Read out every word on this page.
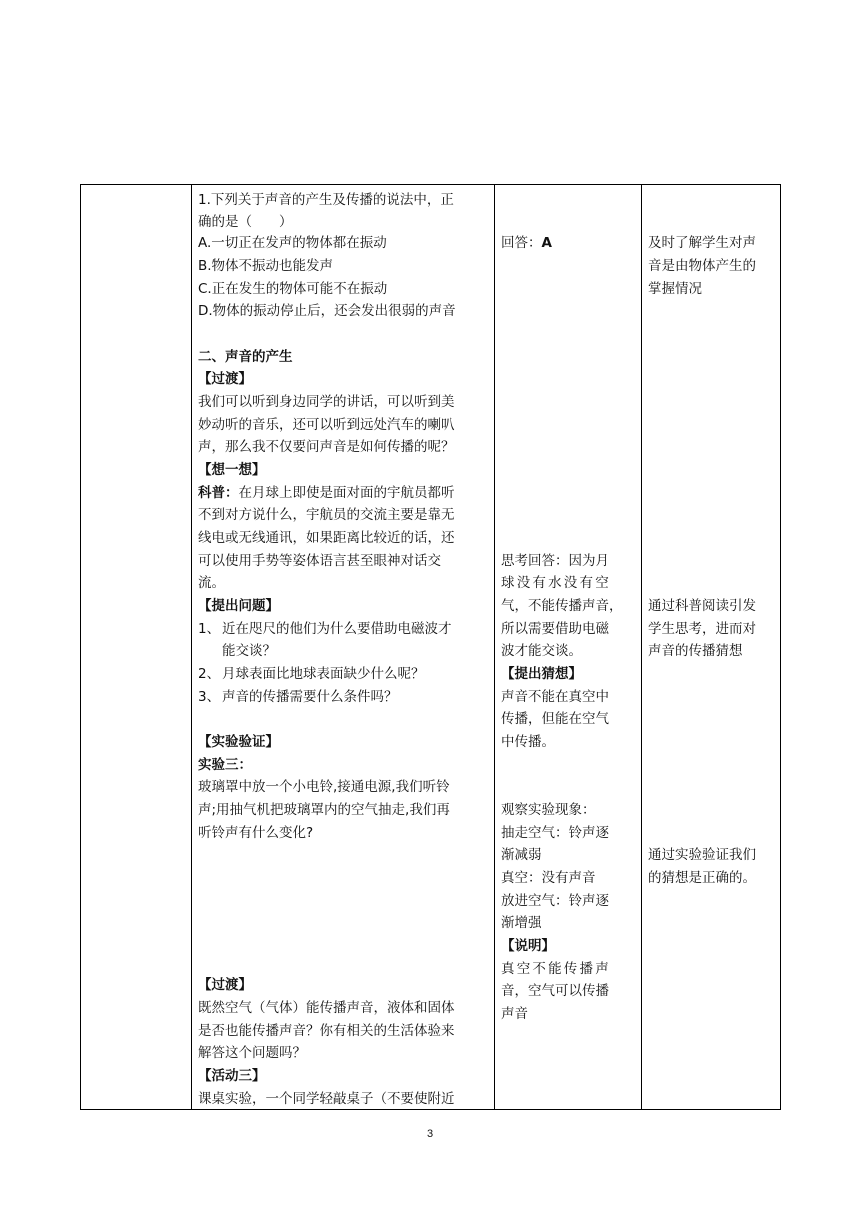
1.下列关于声音的产生及传播的说法中，正
确的是（　　）
A.一切正在发声的物体都在振动
B.物体不振动也能发声
C.正在发生的物体可能不在振动
D.物体的振动停止后，还会发出很弱的声音
二、声音的产生
【过渡】
我们可以听到身边同学的讲话，可以听到美
妙动听的音乐，还可以听到远处汽车的喇叭
声，那么我不仅要问声音是如何传播的呢？
【想一想】
科普：在月球上即使是面对面的宇航员都听
不到对方说什么，宇航员的交流主要是靠无
线电或无线通讯，如果距离比较近的话，还
可以使用手势等姿体语言甚至眼神对话交
流。
【提出问题】
1、 近在咫尺的他们为什么要借助电磁波才
能交谈？
2、 月球表面比地球表面缺少什么呢？
3、 声音的传播需要什么条件吗？
【实验验证】
实验三：
玻璃罩中放一个小电铃,接通电源,我们听铃
声;用抽气机把玻璃罩内的空气抽走,我们再
听铃声有什么变化?
【过渡】
既然空气（气体）能传播声音，液体和固体
是否也能传播声音？你有相关的生活体验来
解答这个问题吗？
【活动三】
课桌实验，一个同学轻敲桌子（不要使附近
回答：A
思考回答：因为月
球没有水没有空
气，不能传播声音，
所以需要借助电磁
波才能交谈。
【提出猜想】
声音不能在真空中
传播，但能在空气
中传播。
观察实验现象：
抽走空气：铃声逐
渐减弱
真空：没有声音
放进空气：铃声逐
渐增强
【说明】
真空不能传播声
音，空气可以传播
声音
及时了解学生对声
音是由物体产生的
掌握情况
通过科普阅读引发
学生思考，进而对
声音的传播猜想
通过实验验证我们
的猜想是正确的。
3
